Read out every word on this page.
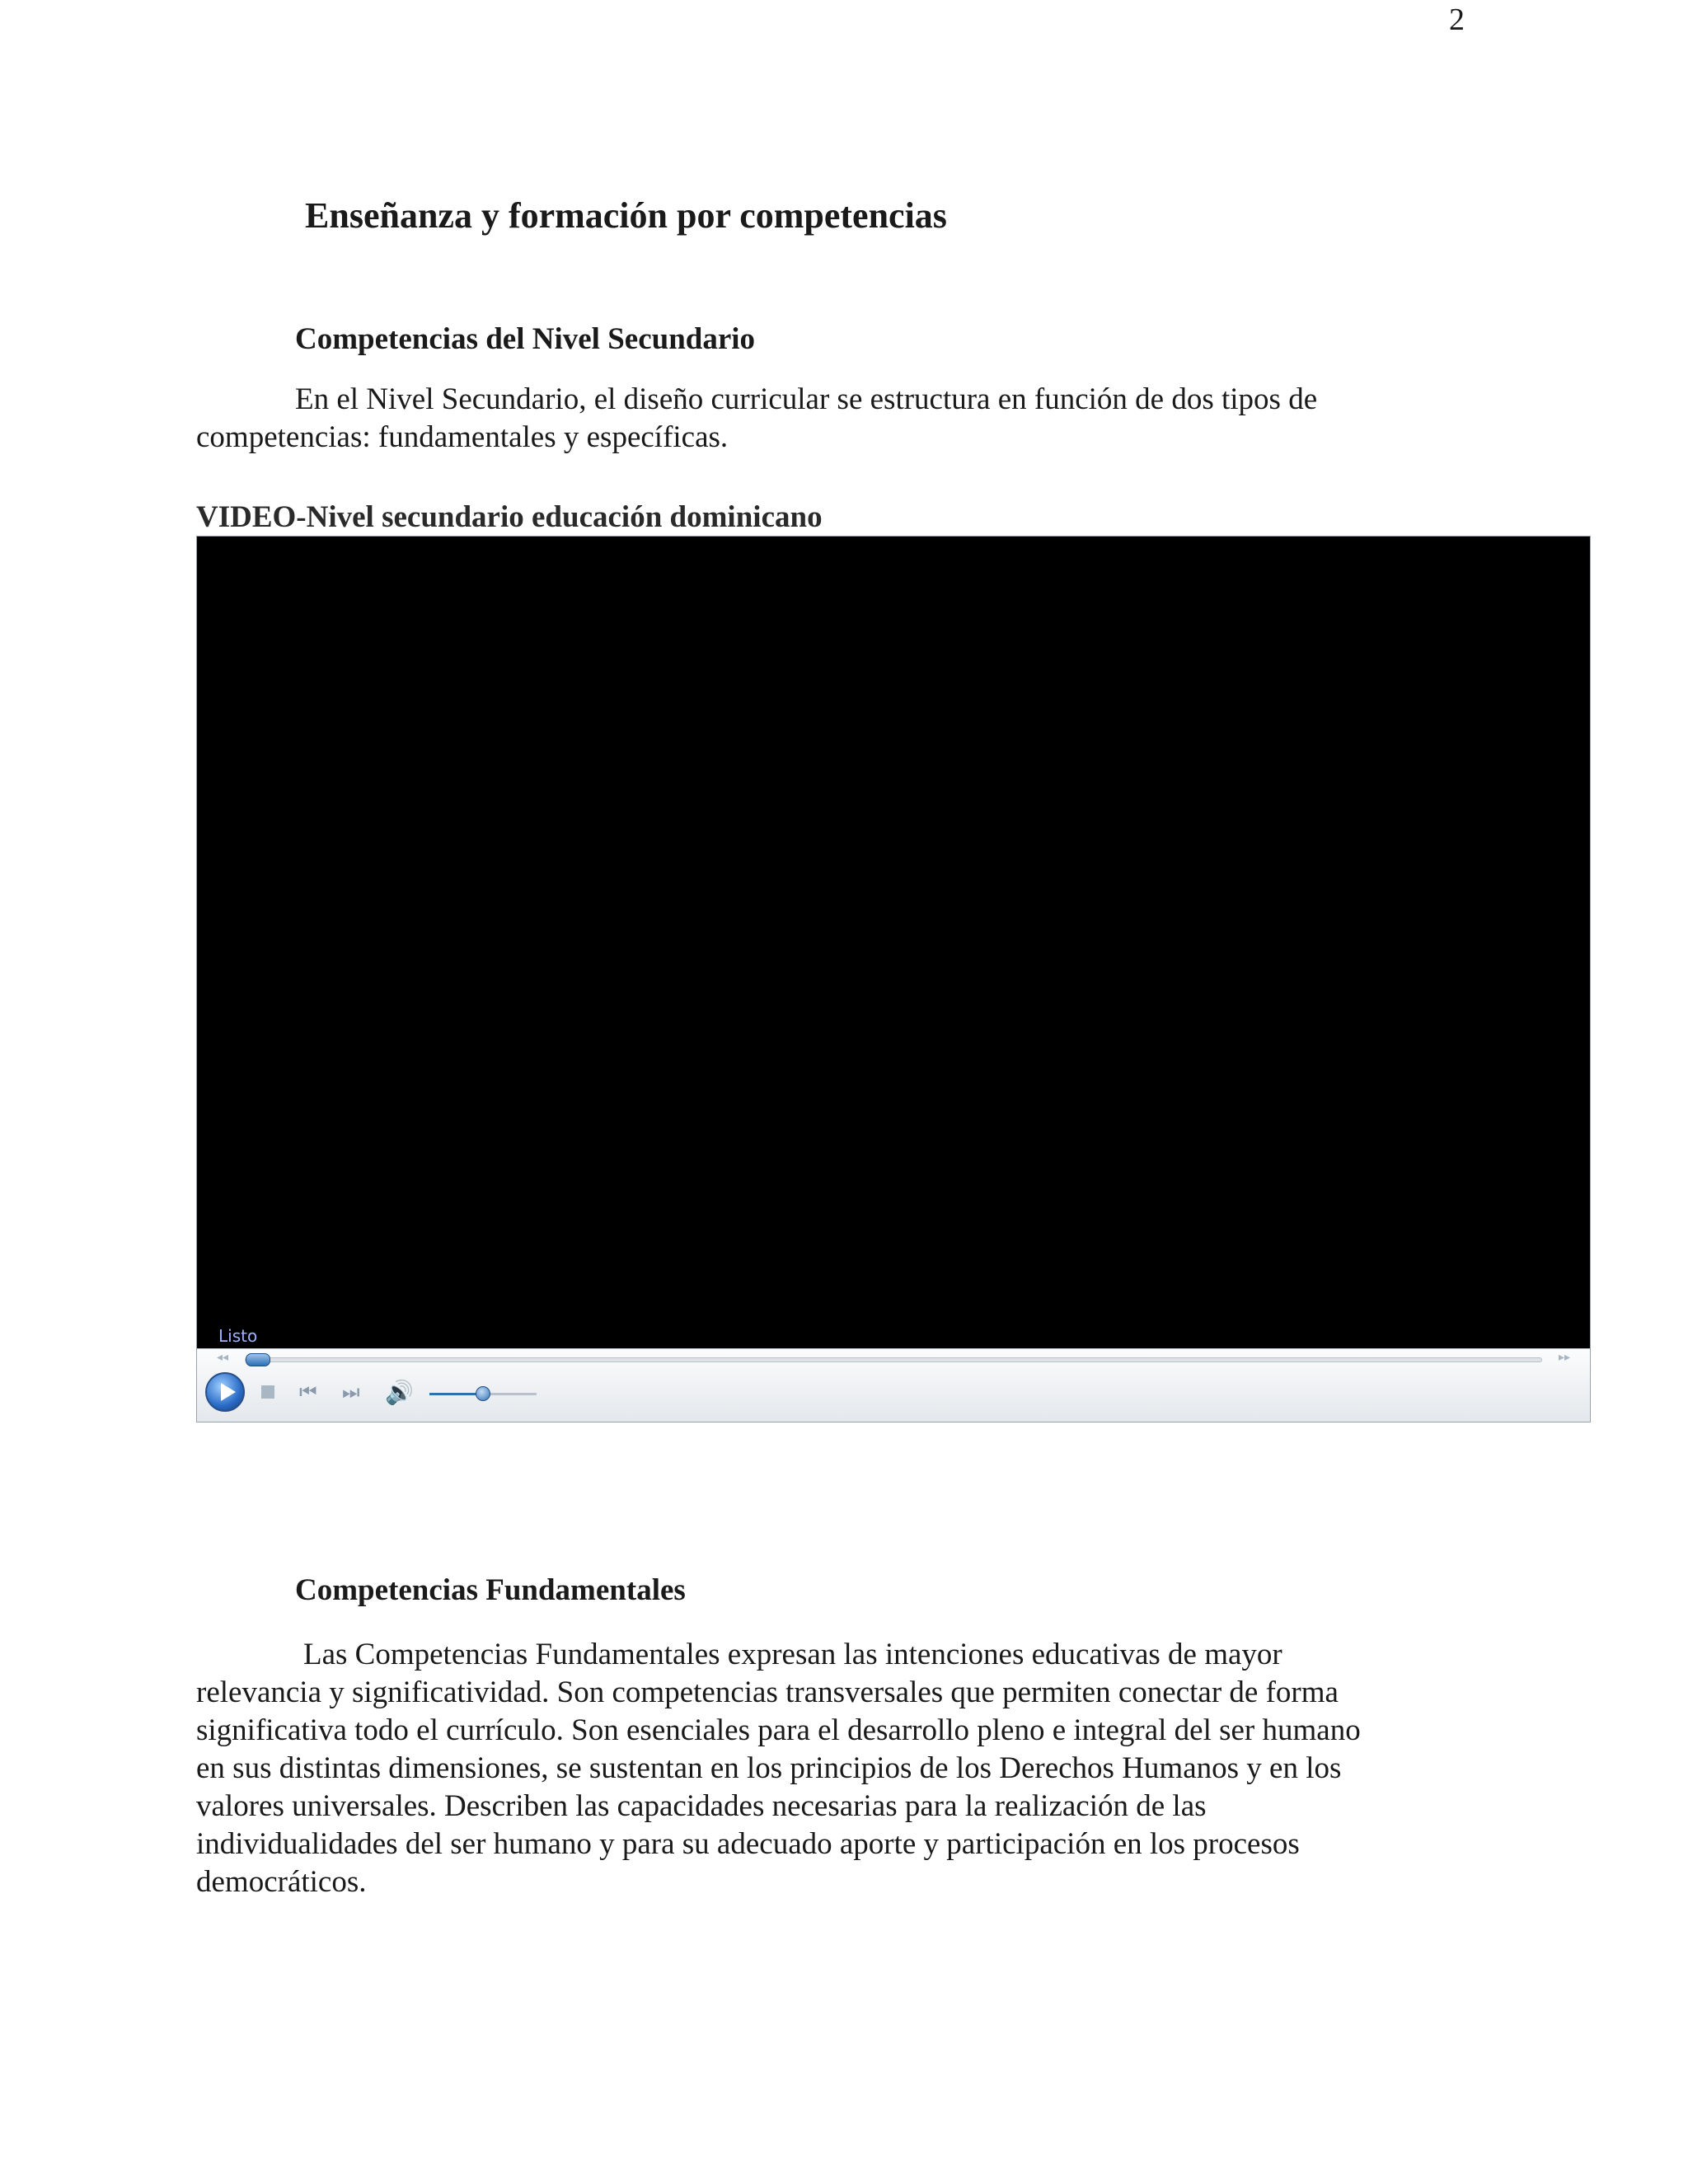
2
Enseñanza y formación por competencias
Competencias del Nivel Secundario

En el Nivel Secundario, el diseño curricular se estructura en función de dos tipos de
competencias: fundamentales y específicas.

VIDEO-Nivel secundario educación dominicano
Listo
◂◂	▸▸
⏮ ⏭ 🔊
Competencias Fundamentales

Las Competencias Fundamentales expresan las intenciones educativas de mayor
relevancia y significatividad. Son competencias transversales que permiten conectar de forma
significativa todo el currículo. Son esenciales para el desarrollo pleno e integral del ser humano
en sus distintas dimensiones, se sustentan en los principios de los Derechos Humanos y en los
valores universales. Describen las capacidades necesarias para la realización de las
individualidades del ser humano y para su adecuado aporte y participación en los procesos
democráticos.
